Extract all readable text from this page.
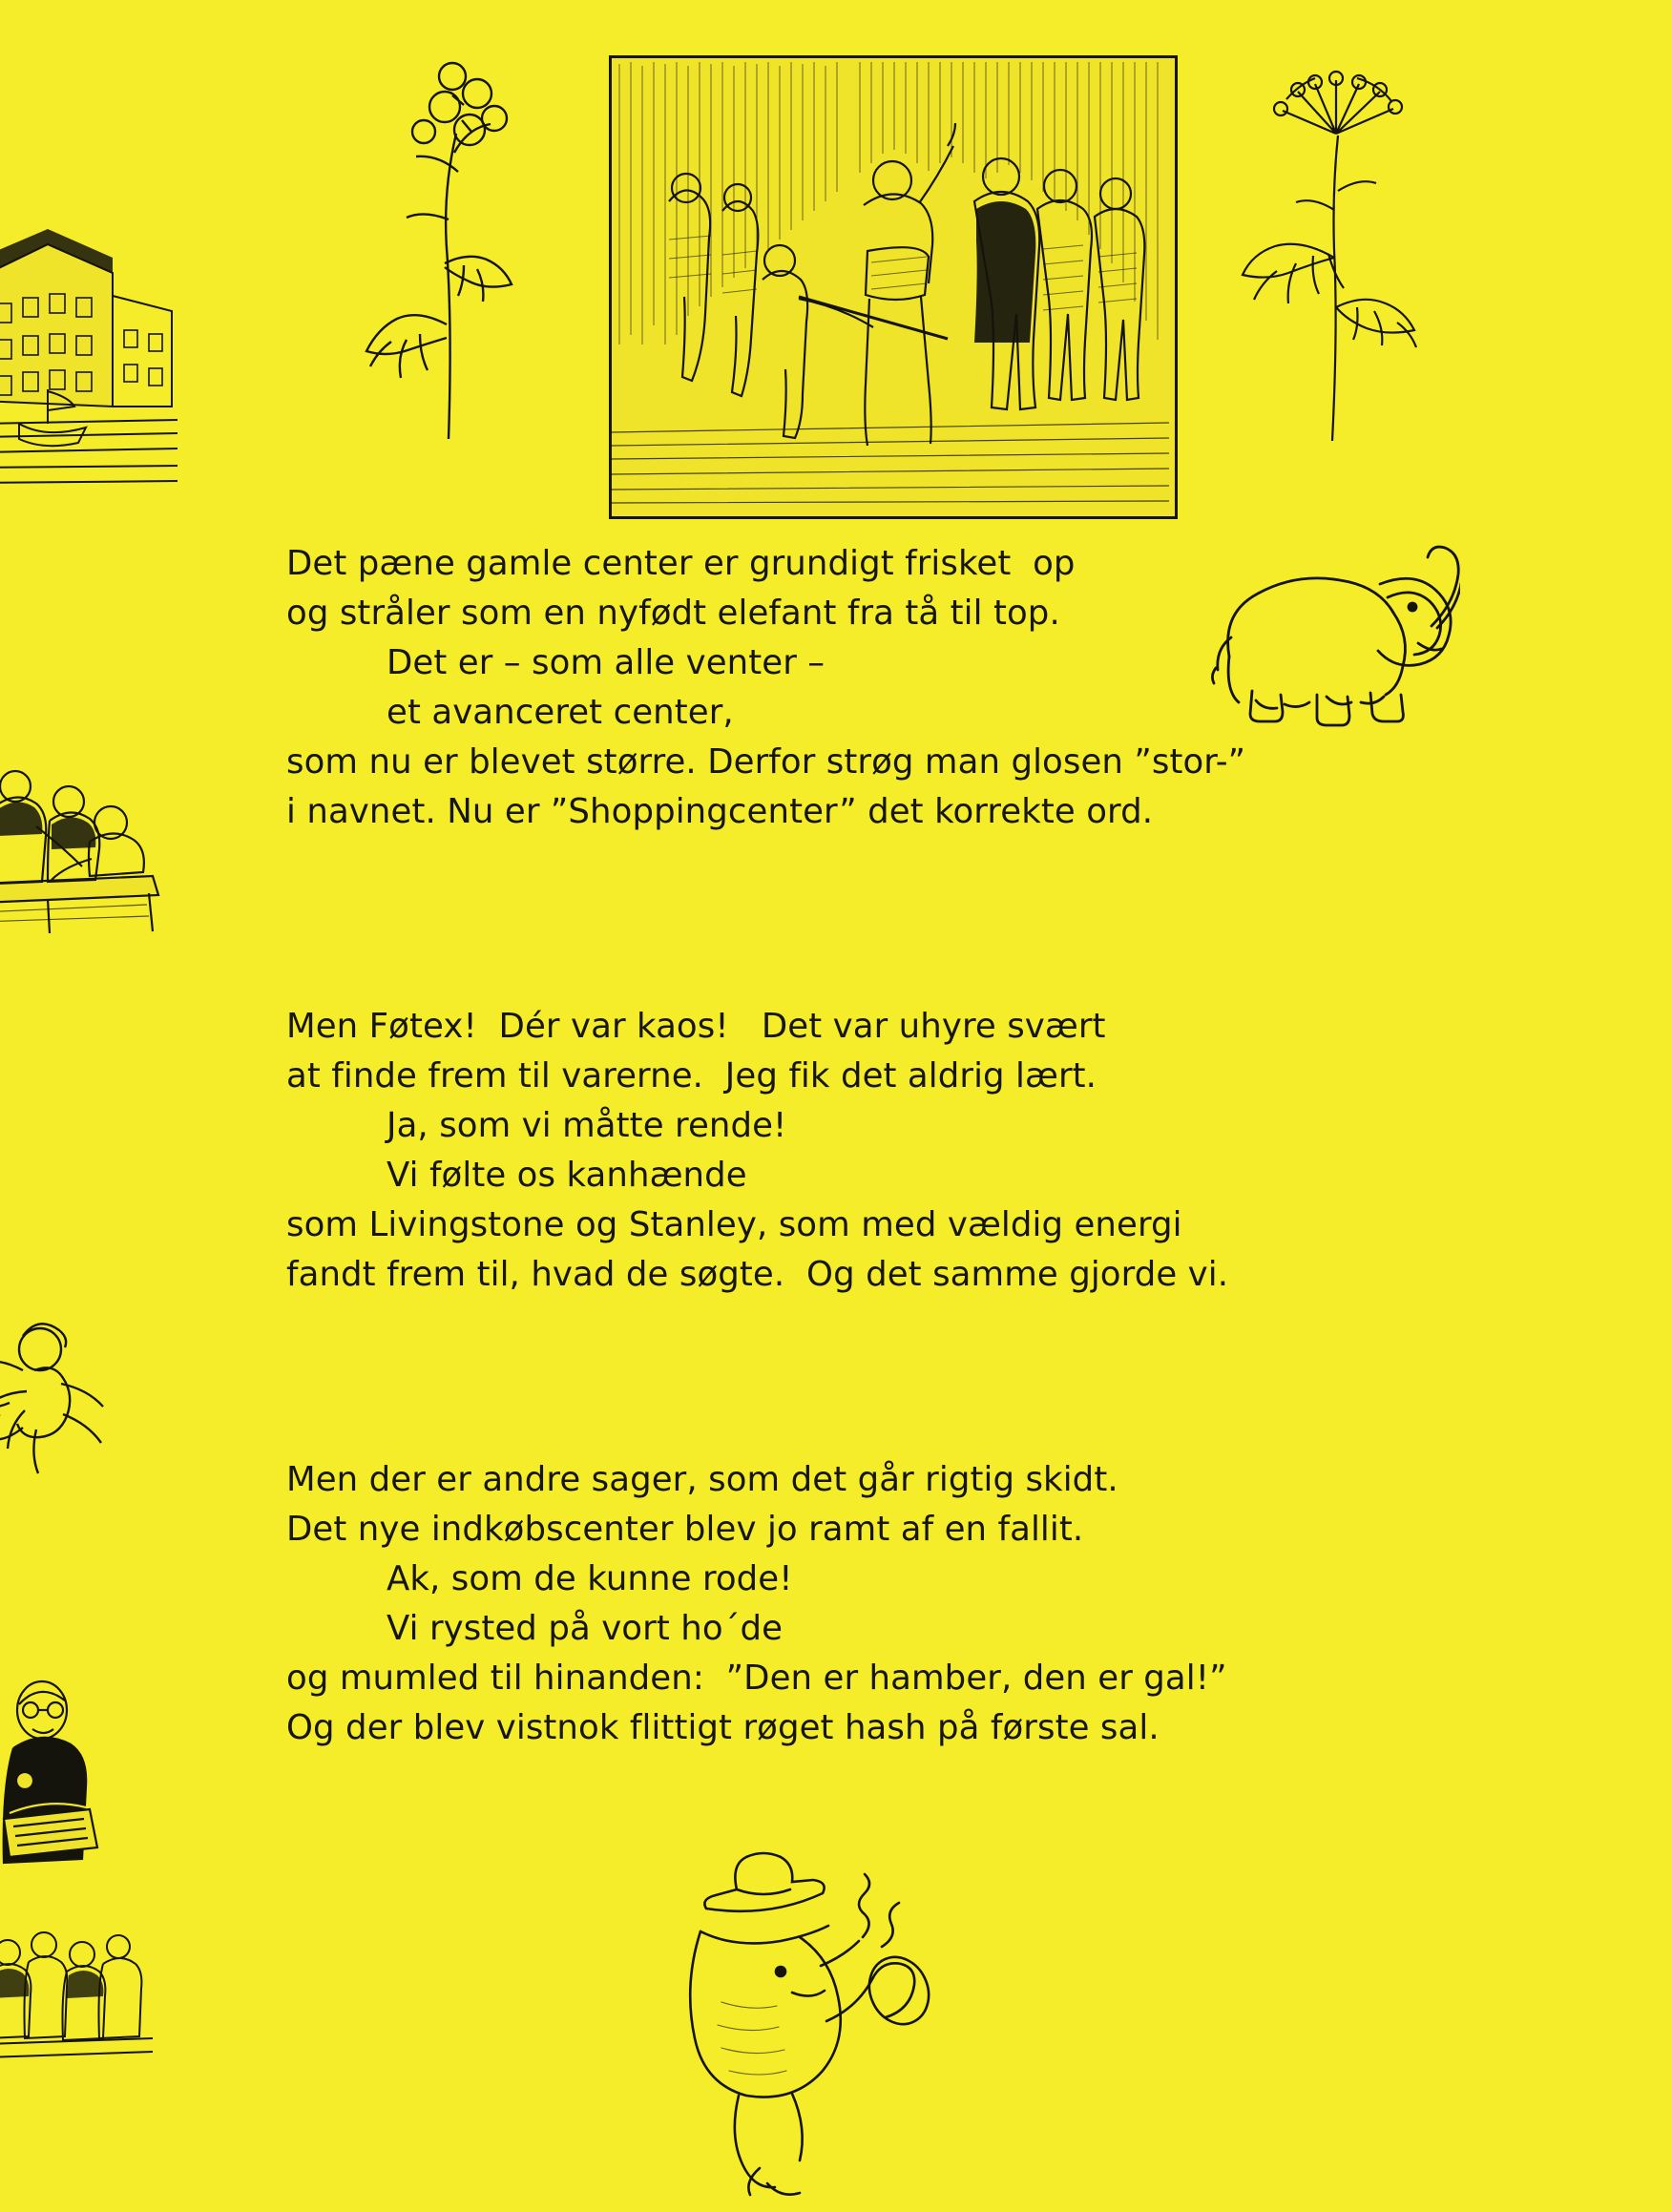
Det pæne gamle center er grundigt frisket  op
og stråler som en nyfødt elefant fra tå til top.
Det er – som alle venter –
et avanceret center,
som nu er blevet større. Derfor strøg man glosen ”stor-”
i navnet. Nu er ”Shoppingcenter” det korrekte ord.
Men Føtex!  Dér var kaos!   Det var uhyre svært
at finde frem til varerne.  Jeg fik det aldrig lært.
Ja, som vi måtte rende!
Vi følte os kanhænde
som Livingstone og Stanley, som med vældig energi
fandt frem til, hvad de søgte.  Og det samme gjorde vi.
Men der er andre sager, som det går rigtig skidt.
Det nye indkøbscenter blev jo ramt af en fallit.
Ak, som de kunne rode!
Vi rysted på vort ho´de
og mumled til hinanden:  ”Den er hamber, den er gal!”
Og der blev vistnok flittigt røget hash på første sal.
